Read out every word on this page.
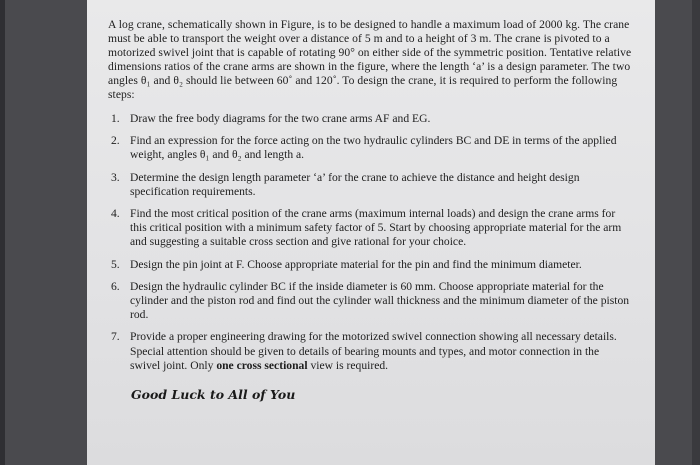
A log crane, schematically shown in Figure, is to be designed to handle a maximum load of 2000 kg. The crane must be able to transport the weight over a distance of 5 m and to a height of 3 m. The crane is pivoted to a motorized swivel joint that is capable of rotating 90° on either side of the symmetric position. Tentative relative dimensions ratios of the crane arms are shown in the figure, where the length ‘a’ is a design parameter. The two angles θ₁ and θ₂ should lie between 60˚ and 120˚. To design the crane, it is required to perform the following steps:

1. Draw the free body diagrams for the two crane arms AF and EG.
2. Find an expression for the force acting on the two hydraulic cylinders BC and DE in terms of the applied weight, angles θ₁ and θ₂ and length a.
3. Determine the design length parameter ‘a’ for the crane to achieve the distance and height design specification requirements.
4. Find the most critical position of the crane arms (maximum internal loads) and design the crane arms for this critical position with a minimum safety factor of 5. Start by choosing appropriate material for the arm and suggesting a suitable cross section and give rational for your choice.
5. Design the pin joint at F. Choose appropriate material for the pin and find the minimum diameter.
6. Design the hydraulic cylinder BC if the inside diameter is 60 mm. Choose appropriate material for the cylinder and the piston rod and find out the cylinder wall thickness and the minimum diameter of the piston rod.
7. Provide a proper engineering drawing for the motorized swivel connection showing all necessary details. Special attention should be given to details of bearing mounts and types, and motor connection in the swivel joint. Only one cross sectional view is required.
Good Luck to All of You
